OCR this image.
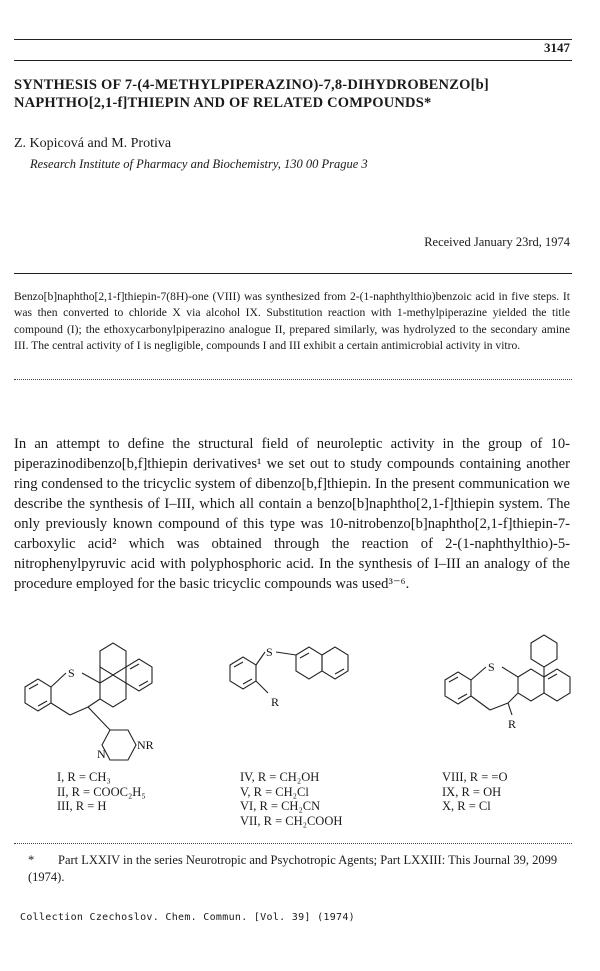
3147
SYNTHESIS OF 7-(4-METHYLPIPERAZINO)-7,8-DIHYDROBENZO[b]
NAPHTHO[2,1-f]THIEPIN AND OF RELATED COMPOUNDS*
Z. Kopicová and M. Protiva
Research Institute of Pharmacy and Biochemistry, 130 00 Prague 3
Received January 23rd, 1974

Benzo[b]naphtho[2,1-f]thiepin-7(8H)-one (VIII) was synthesized from 2-(1-naphthylthio)benzoic acid in five steps. It was then converted to chloride X via alcohol IX. Substitution reaction with 1-methylpiperazine yielded the title compound (I); the ethoxycarbonylpiperazino analogue II, prepared similarly, was hydrolyzed to the secondary amine III. The central activity of I is negligible, compounds I and III exhibit a certain antimicrobial activity in vitro.

In an attempt to define the structural field of neuroleptic activity in the group of 10-piperazinodibenzo[b,f]thiepin derivatives¹ we set out to study compounds containing another ring condensed to the tricyclic system of dibenzo[b,f]thiepin. In the present communication we describe the synthesis of I–III, which all contain a benzo[b]naphtho[2,1-f]thiepin system. The only previously known compound of this type was 10-nitrobenzo[b]naphtho[2,1-f]thiepin-7-carboxylic acid² which was obtained through the reaction of 2-(1-naphthylthio)-5-nitrophenylpyruvic acid with polyphosphoric acid. In the synthesis of I–III an analogy of the procedure employed for the basic tricyclic compounds was used³⁻⁶.

S
N
NR
S
R
S
R
I, R = CH₃
II, R = COOC₂H₅
III, R = H
IV, R = CH₂OH
V, R = CH₂Cl
VI, R = CH₂CN
VII, R = CH₂COOH
VIII, R = =O
IX, R = OH
X, R = Cl
* Part LXXIV in the series Neurotropic and Psychotropic Agents; Part LXXIII: This Journal 39, 2099 (1974).
Collection Czechoslov. Chem. Commun. [Vol. 39] (1974)
